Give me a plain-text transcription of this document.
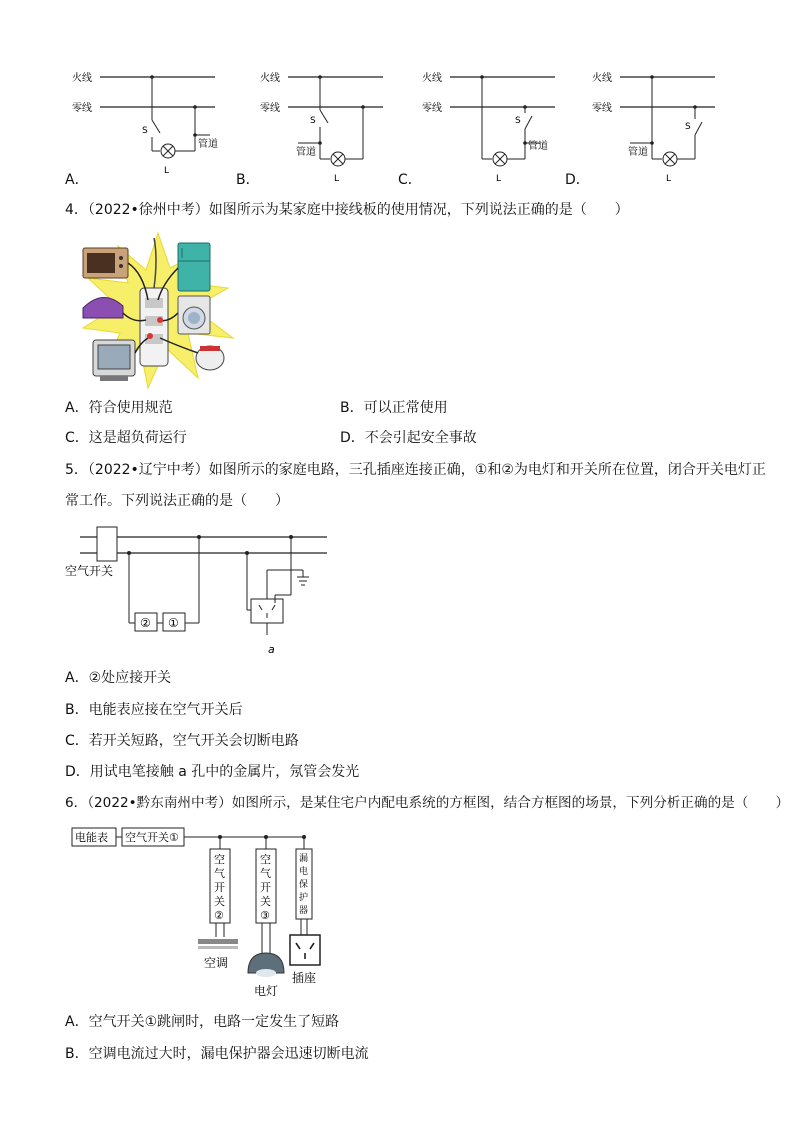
火线
零线
S
管道
L
A．
火线
零线
S
管道
L
B．
火线
零线
S
管道
L
C．
火线
零线
管道
S
L
D．
4．（2022•徐州中考）如图所示为某家庭中接线板的使用情况，下列说法正确的是（　　）
A．符合使用规范	B．可以正常使用
C．这是超负荷运行	D．不会引起安全事故
5．（2022•辽宁中考）如图所示的家庭电路，三孔插座连接正确，①和②为电灯和开关所在位置，闭合开关电灯正
常工作。下列说法正确的是（　　）
空气开关
② ①
a
A．②处应接开关
B．电能表应接在空气开关后
C．若开关短路，空气开关会切断电路
D．用试电笔接触 a 孔中的金属片，氖管会发光
6．（2022•黔东南州中考）如图所示，是某住宅户内配电系统的方框图，结合方框图的场景，下列分析正确的是（　　）
电能表 空气开关①
空
气
开
关
②
空调
空
气
开
关
③
电灯
漏
电
保
护
器
插座
A．空气开关①跳闸时，电路一定发生了短路
B．空调电流过大时，漏电保护器会迅速切断电流
